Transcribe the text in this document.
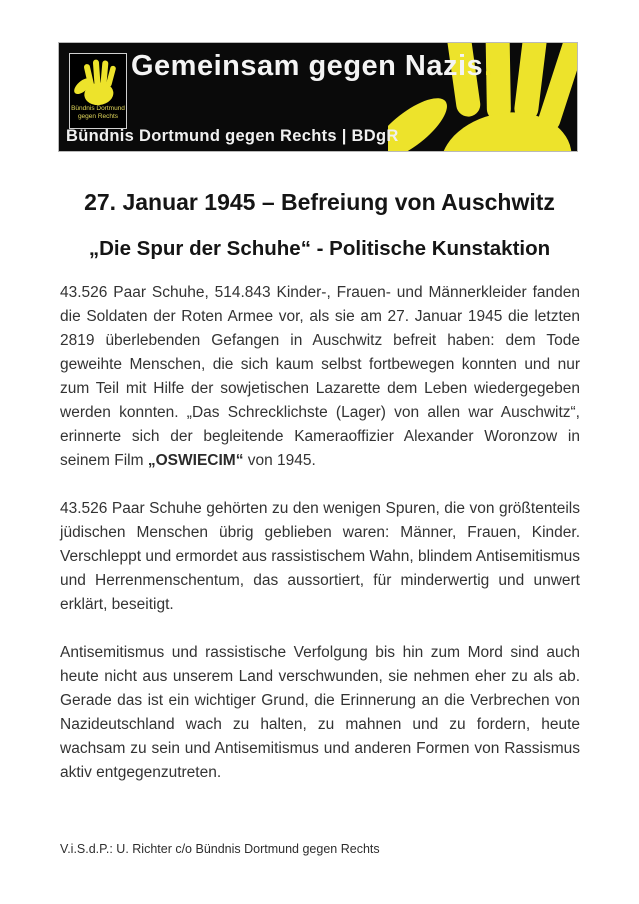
Bündnis Dortmund
gegen Rechts
Gemeinsam gegen Nazis!
Bündnis Dortmund gegen Rechts | BDgR
27. Januar 1945 – Befreiung von Auschwitz
„Die Spur der Schuhe“ - Politische Kunstaktion

43.526 Paar Schuhe, 514.843 Kinder-, Frauen- und Männerkleider fanden die Soldaten der Roten Armee vor, als sie am 27. Januar 1945 die letzten 2819 überlebenden Gefangen in Auschwitz befreit haben: dem Tode geweihte Menschen, die sich kaum selbst fortbewegen konnten und nur zum Teil mit Hilfe der sowjetischen Lazarette dem Leben wiedergegeben werden konnten. „Das Schrecklichste (Lager) von allen war Auschwitz“, erinnerte sich der begleitende Kameraoffizier Alexander Woronzow in seinem Film „OSWIECIM“ von 1945.

43.526 Paar Schuhe gehörten zu den wenigen Spuren, die von größtenteils jüdischen Menschen übrig geblieben waren: Männer, Frauen, Kinder. Verschleppt und ermordet aus rassistischem Wahn, blindem Antisemitismus und Herrenmenschentum, das aussortiert, für minderwertig und unwert erklärt, beseitigt.

Antisemitismus und rassistische Verfolgung bis hin zum Mord sind auch heute nicht aus unserem Land verschwunden, sie nehmen eher zu als ab. Gerade das ist ein wichtiger Grund, die Erinnerung an die Verbrechen von Nazideutschland wach zu halten, zu mahnen und zu fordern, heute wachsam zu sein und Antisemitismus und anderen Formen von Rassismus aktiv entgegenzutreten.

V.i.S.d.P.: U. Richter c/o Bündnis Dortmund gegen Rechts
